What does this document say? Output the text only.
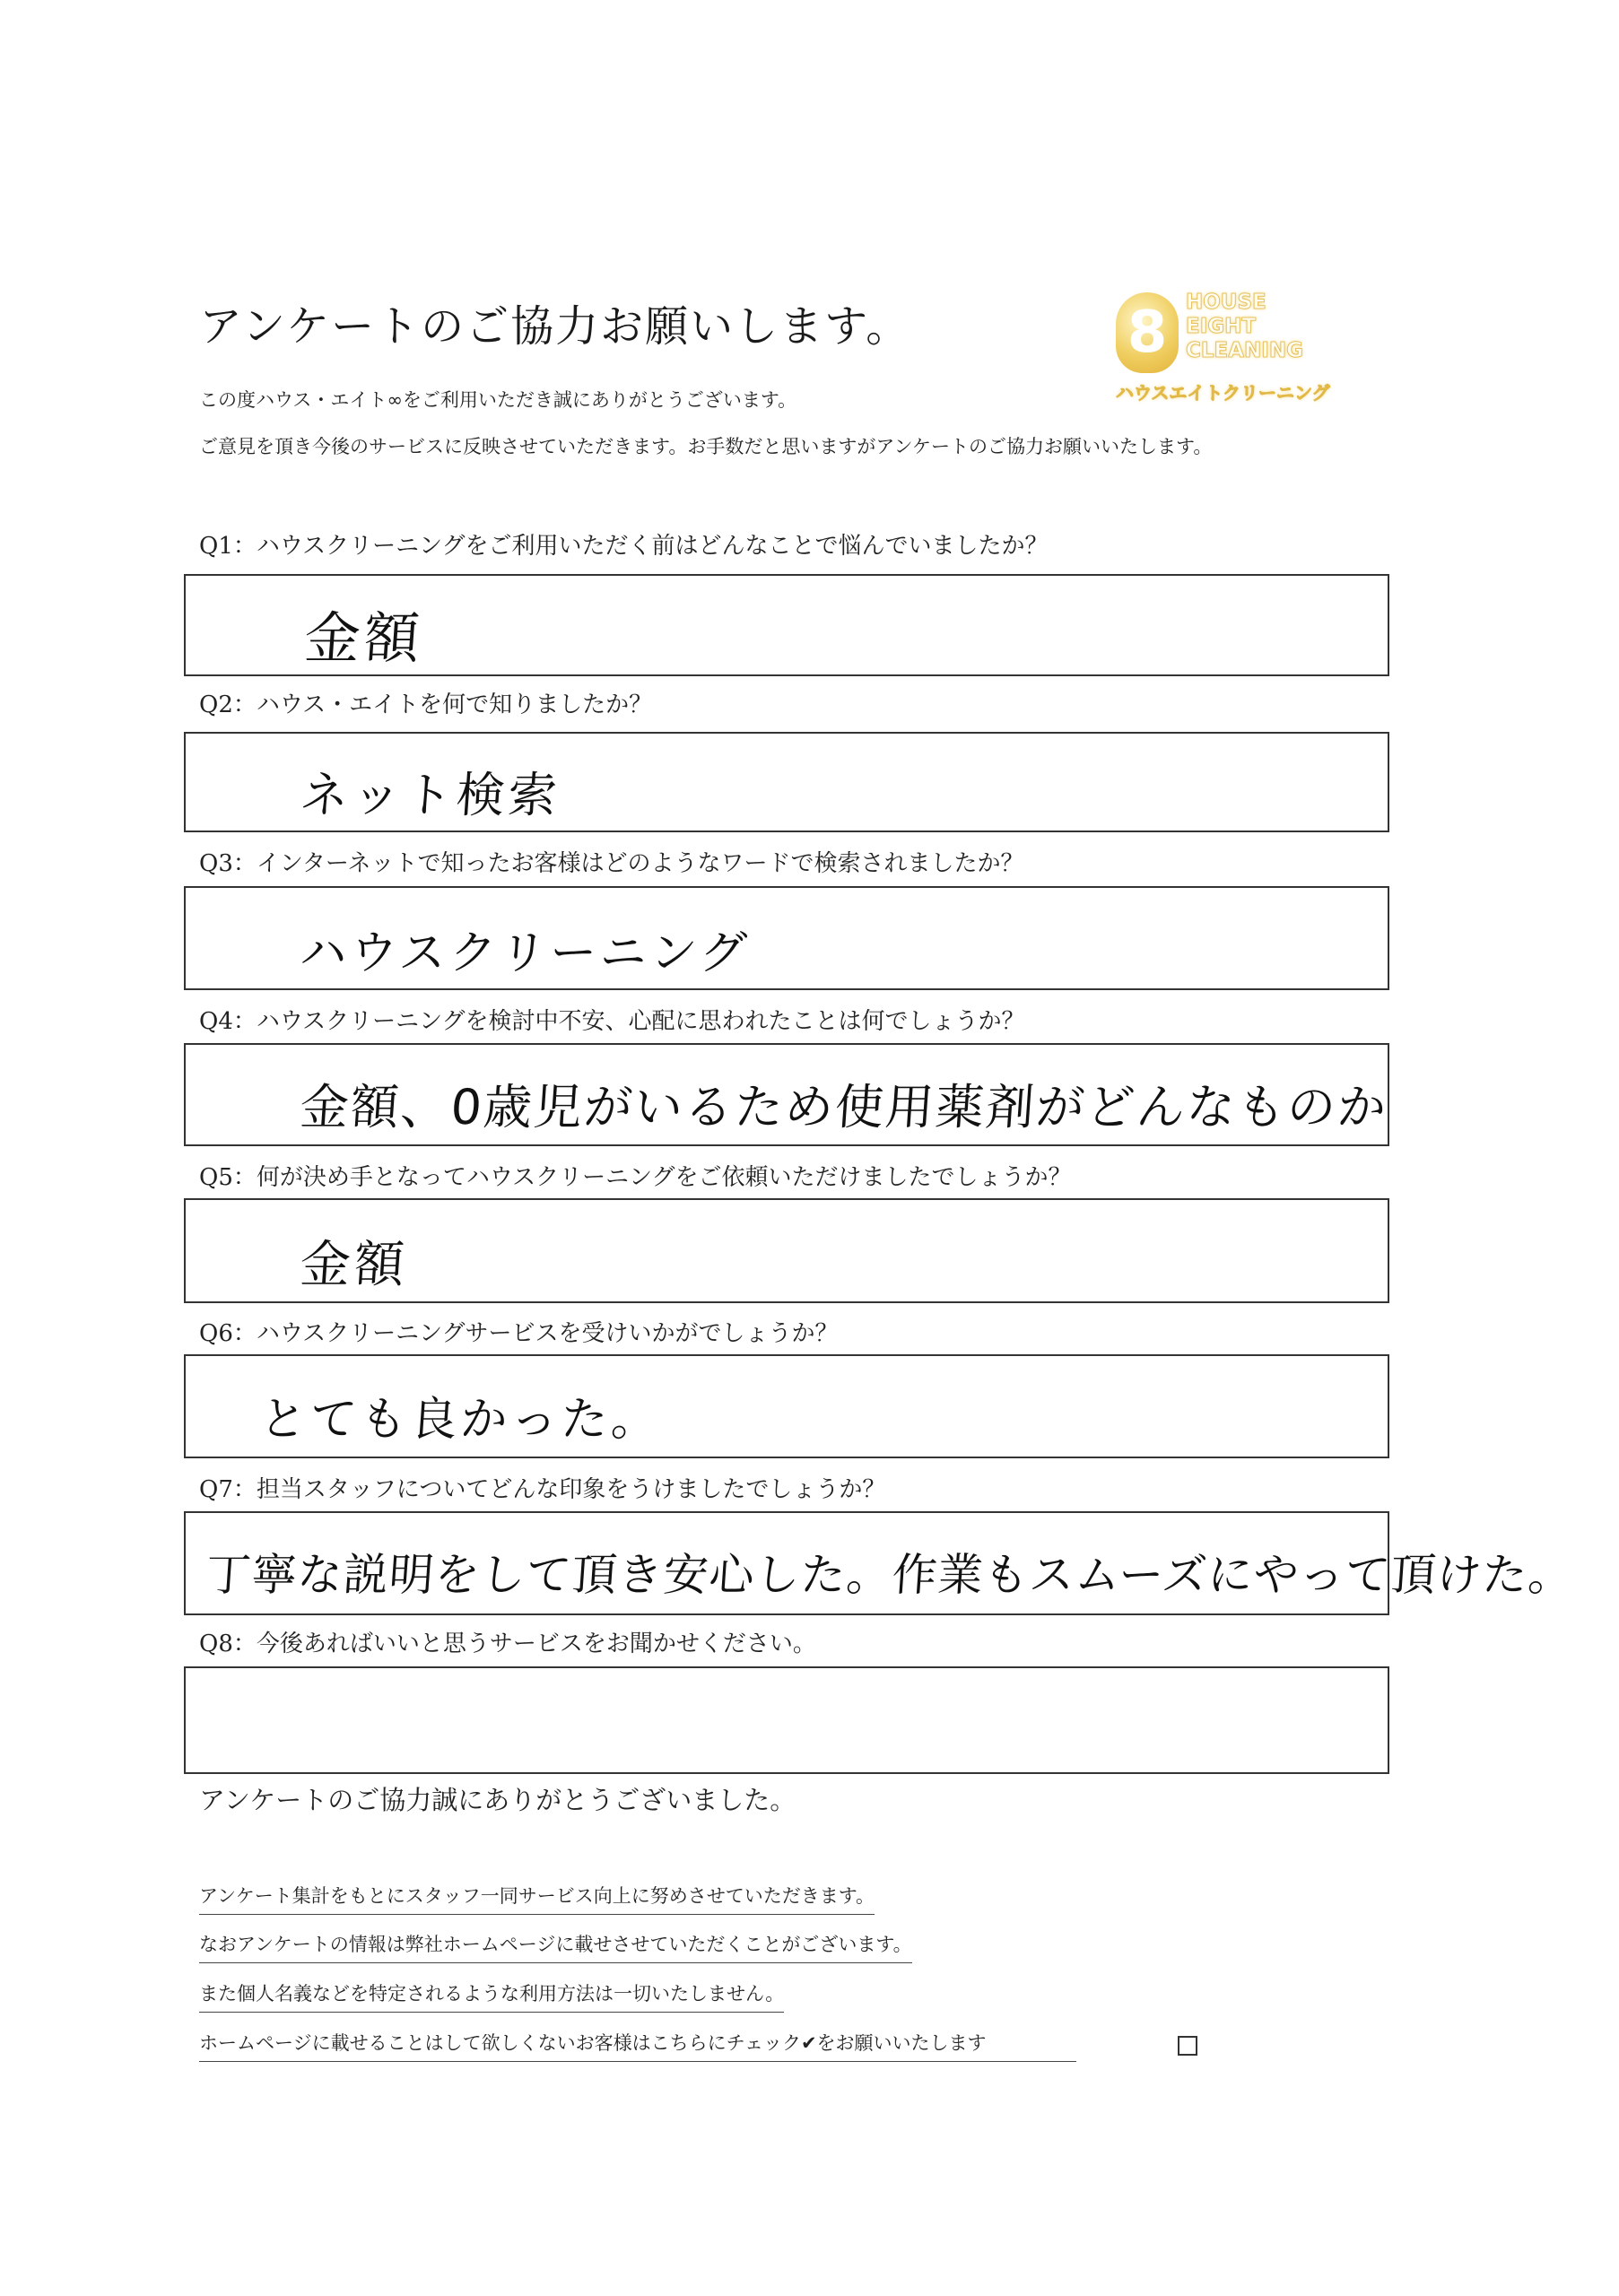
アンケートのご協力お願いします。	8 HOUSE
EIGHT
CLEANING
ハウスエイトクリーニング
この度ハウス・エイト∞をご利用いただき誠にありがとうございます。
ご意見を頂き今後のサービスに反映させていただきます。お手数だと思いますがアンケートのご協力お願いいたします。
Q1：ハウスクリーニングをご利用いただく前はどんなことで悩んでいましたか？
金額
Q2：ハウス・エイトを何で知りましたか？
ネット検索
Q3：インターネットで知ったお客様はどのようなワードで検索されましたか？
ハウスクリーニング
Q4：ハウスクリーニングを検討中不安、心配に思われたことは何でしょうか？
金額、0歳児がいるため使用薬剤がどんなものか
Q5：何が決め手となってハウスクリーニングをご依頼いただけましたでしょうか？
金額
Q6：ハウスクリーニングサービスを受けいかがでしょうか？
とても良かった。
Q7：担当スタッフについてどんな印象をうけましたでしょうか？
丁寧な説明をして頂き安心した。作業もスムーズにやって頂けた。
Q8：今後あればいいと思うサービスをお聞かせください。
アンケートのご協力誠にありがとうございました。
アンケート集計をもとにスタッフ一同サービス向上に努めさせていただきます。
なおアンケートの情報は弊社ホームページに載せさせていただくことがございます。
また個人名義などを特定されるような利用方法は一切いたしません。
ホームページに載せることはして欲しくないお客様はこちらにチェック✔をお願いいたします
